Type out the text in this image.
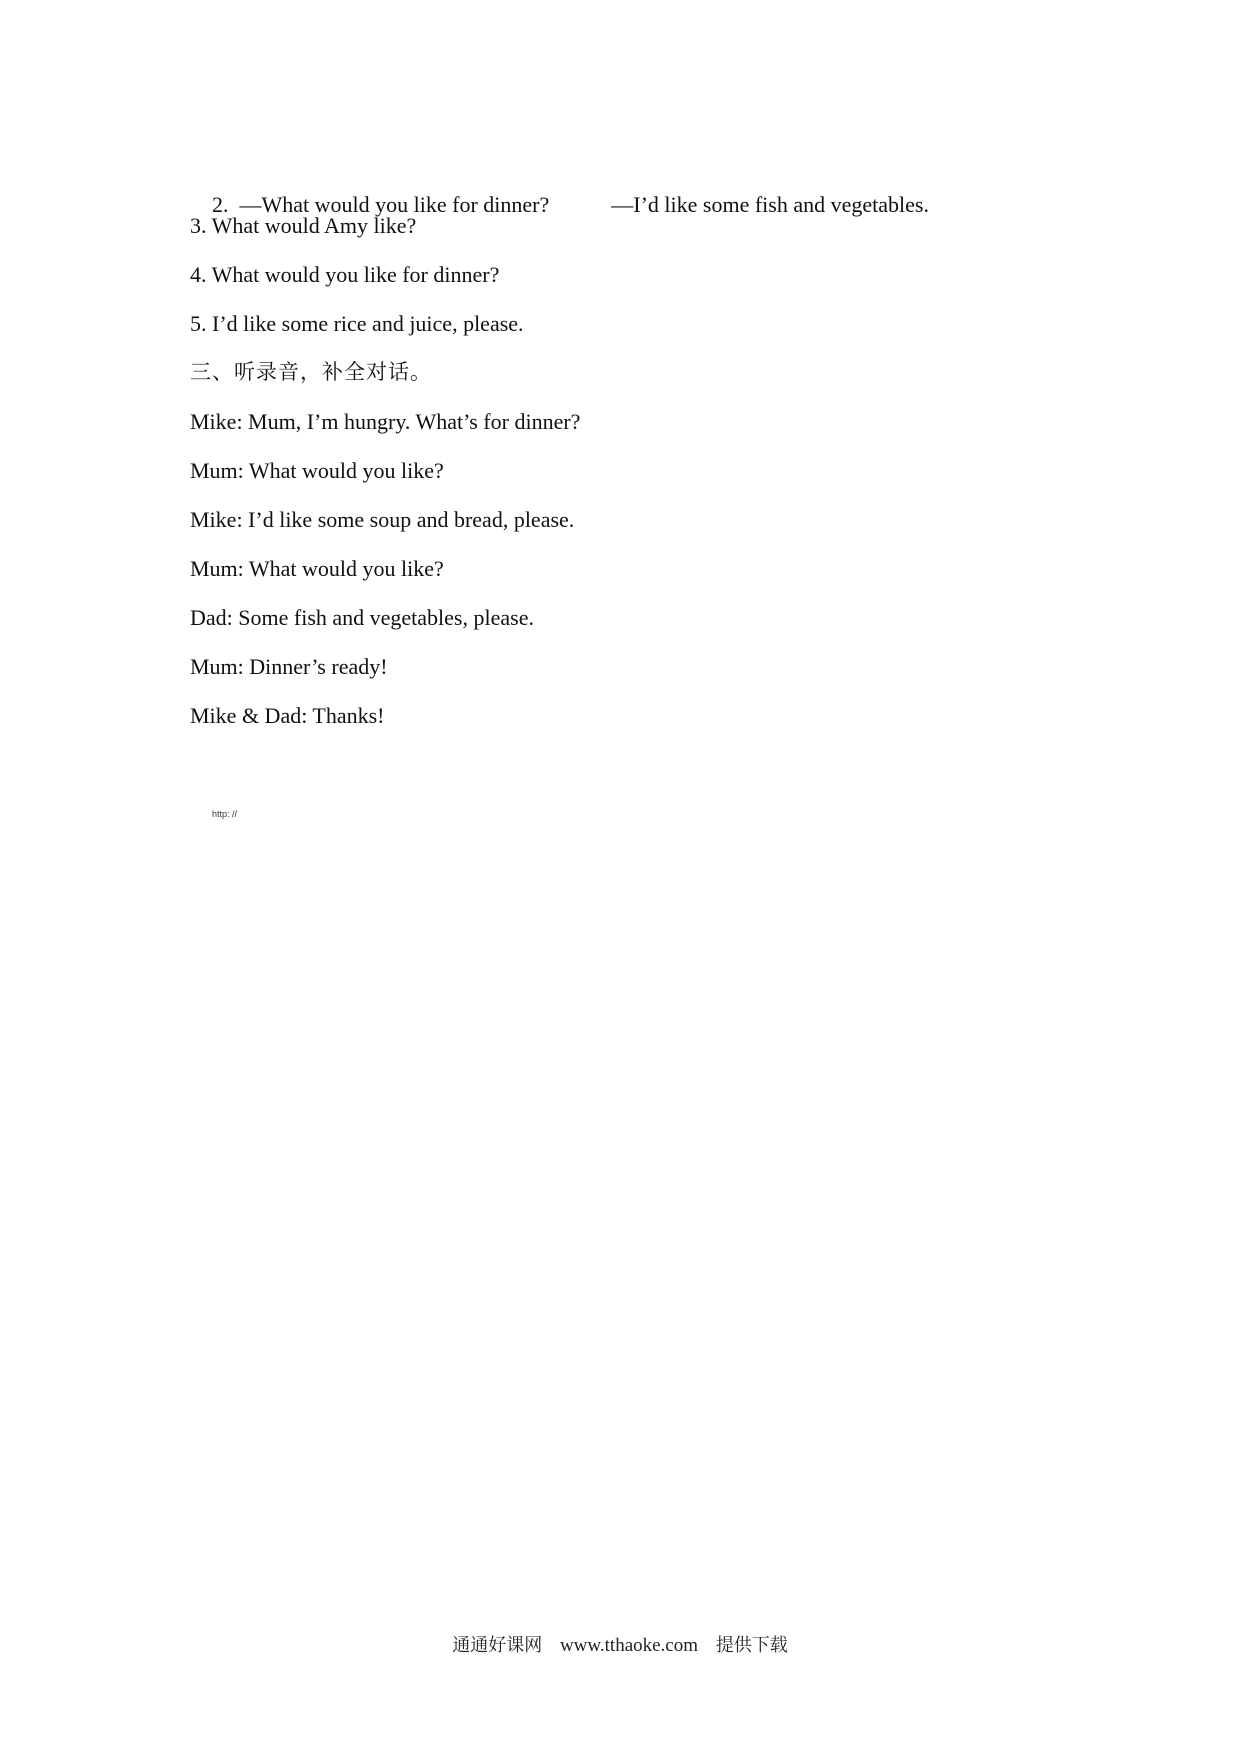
2.  —What would you like for dinner?	—I’d like some fish and vegetables.

3. What would Amy like?
4. What would you like for dinner?
5. I’d like some rice and juice, please.
三、听录音，补全对话。
Mike: Mum, I’m hungry. What’s for dinner?
Mum: What would you like?
Mike: I’d like some soup and bread, please.
Mum: What would you like?
Dad: Some fish and vegetables, please.
Mum: Dinner’s ready!
Mike & Dad: Thanks!
http: //
通通好课网 www.tthaoke.com 提供下载
